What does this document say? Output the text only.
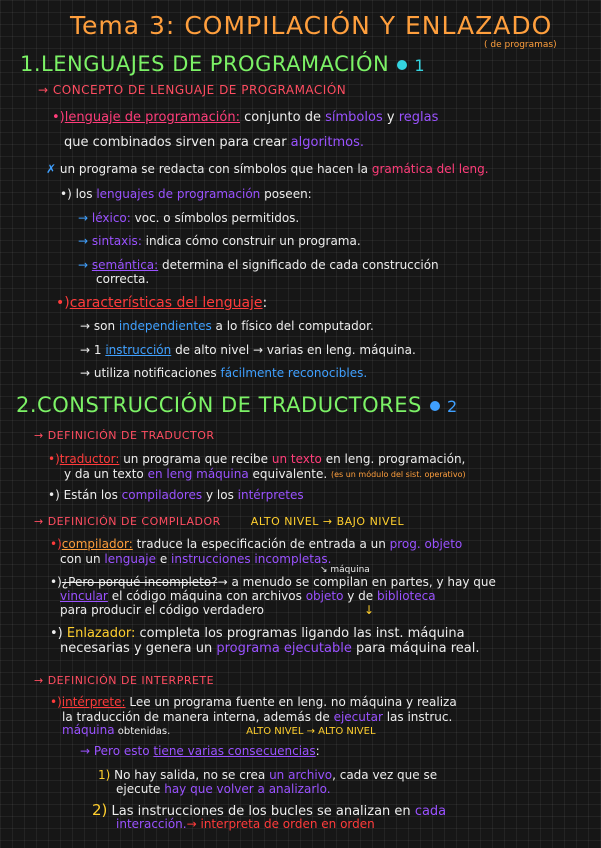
Tema 3: COMPILACIÓN Y ENLAZADO
( de programas)
1.LENGUAJES DE PROGRAMACIÓN 1
→ CONCEPTO DE LENGUAJE DE PROGRAMACIÓN
•)lenguaje de programación: conjunto de símbolos y reglas
que combinados sirven para crear algoritmos.
✗ un programa se redacta con símbolos que hacen la gramática del leng.
•) los lenguajes de programación poseen:
→ léxico: voc. o símbolos permitidos.
→ sintaxis: indica cómo construir un programa.
→ semántica: determina el significado de cada construcción
correcta.
•)características del lenguaje:
→ son independientes a lo físico del computador.
→ 1 instrucción de alto nivel → varias en leng. máquina.
→ utiliza notificaciones fácilmente reconocibles.
2.CONSTRUCCIÓN DE TRADUCTORES 2
→ DEFINICIÓN DE TRADUCTOR
•)traductor: un programa que recibe un texto en leng. programación,
y da un texto en leng máquina equivalente. (es un módulo del sist. operativo)
•) Están los compiladores y los intérpretes
→ DEFINICIÓN DE COMPILADOR	ALTO NIVEL → BAJO NIVEL
•)compilador: traduce la especificación de entrada a un prog. objeto
con un lenguaje e instrucciones incompletas.
↘ máquina
•)¿Pero porqué incompleto?→ a menudo se compilan en partes, y hay que
vincular el código máquina con archivos objeto y de biblioteca
para producir el código verdadero	↓
•) Enlazador: completa los programas ligando las inst. máquina
necesarias y genera un programa ejecutable para máquina real.
→ DEFINICIÓN DE INTERPRETE
•)intérprete: Lee un programa fuente en leng. no máquina y realiza
la traducción de manera interna, además de ejecutar las instruc.
máquina obtenidas.	ALTO NIVEL → ALTO NIVEL
→ Pero esto tiene varias consecuencias:
1) No hay salida, no se crea un archivo, cada vez que se
ejecute hay que volver a analizarlo.
2) Las instrucciones de los bucles se analizan en cada
interacción.→ interpreta de orden en orden
